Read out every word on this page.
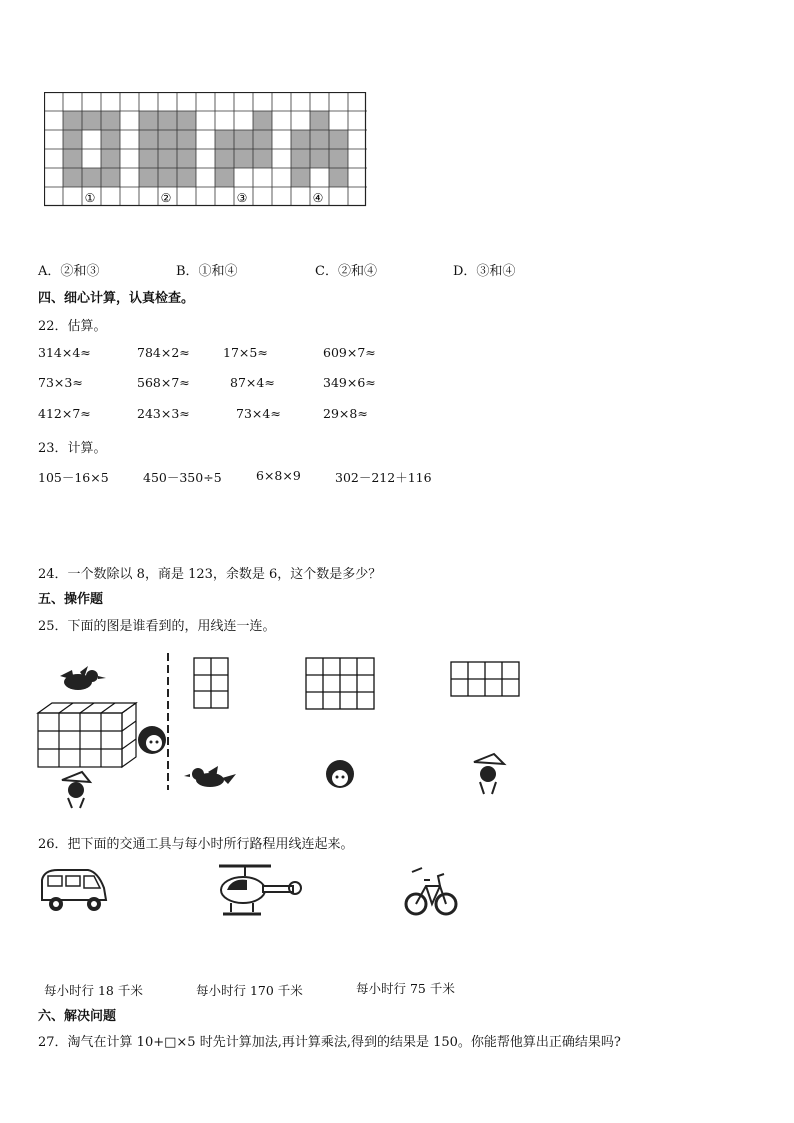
①	②	③	④
A．②和③	B．①和④	C．②和④	D．③和④
四、细心计算，认真检查。
22．估算。
314×4≈	784×2≈	17×5≈	609×7≈
73×3≈	568×7≈	87×4≈	349×6≈
412×7≈	243×3≈	73×4≈	29×8≈
23．计算。
105－16×5	450－350÷5	6×8×9	302－212＋116
24．一个数除以 8，商是 123，余数是 6，这个数是多少？
五、操作题
25．下面的图是谁看到的，用线连一连。
26．把下面的交通工具与每小时所行路程用线连起来。
每小时行 18 千米	每小时行 170 千米	每小时行 75 千米
六、解决问题
27．淘气在计算 10+□×5 时先计算加法,再计算乘法,得到的结果是 150。你能帮他算出正确结果吗?
